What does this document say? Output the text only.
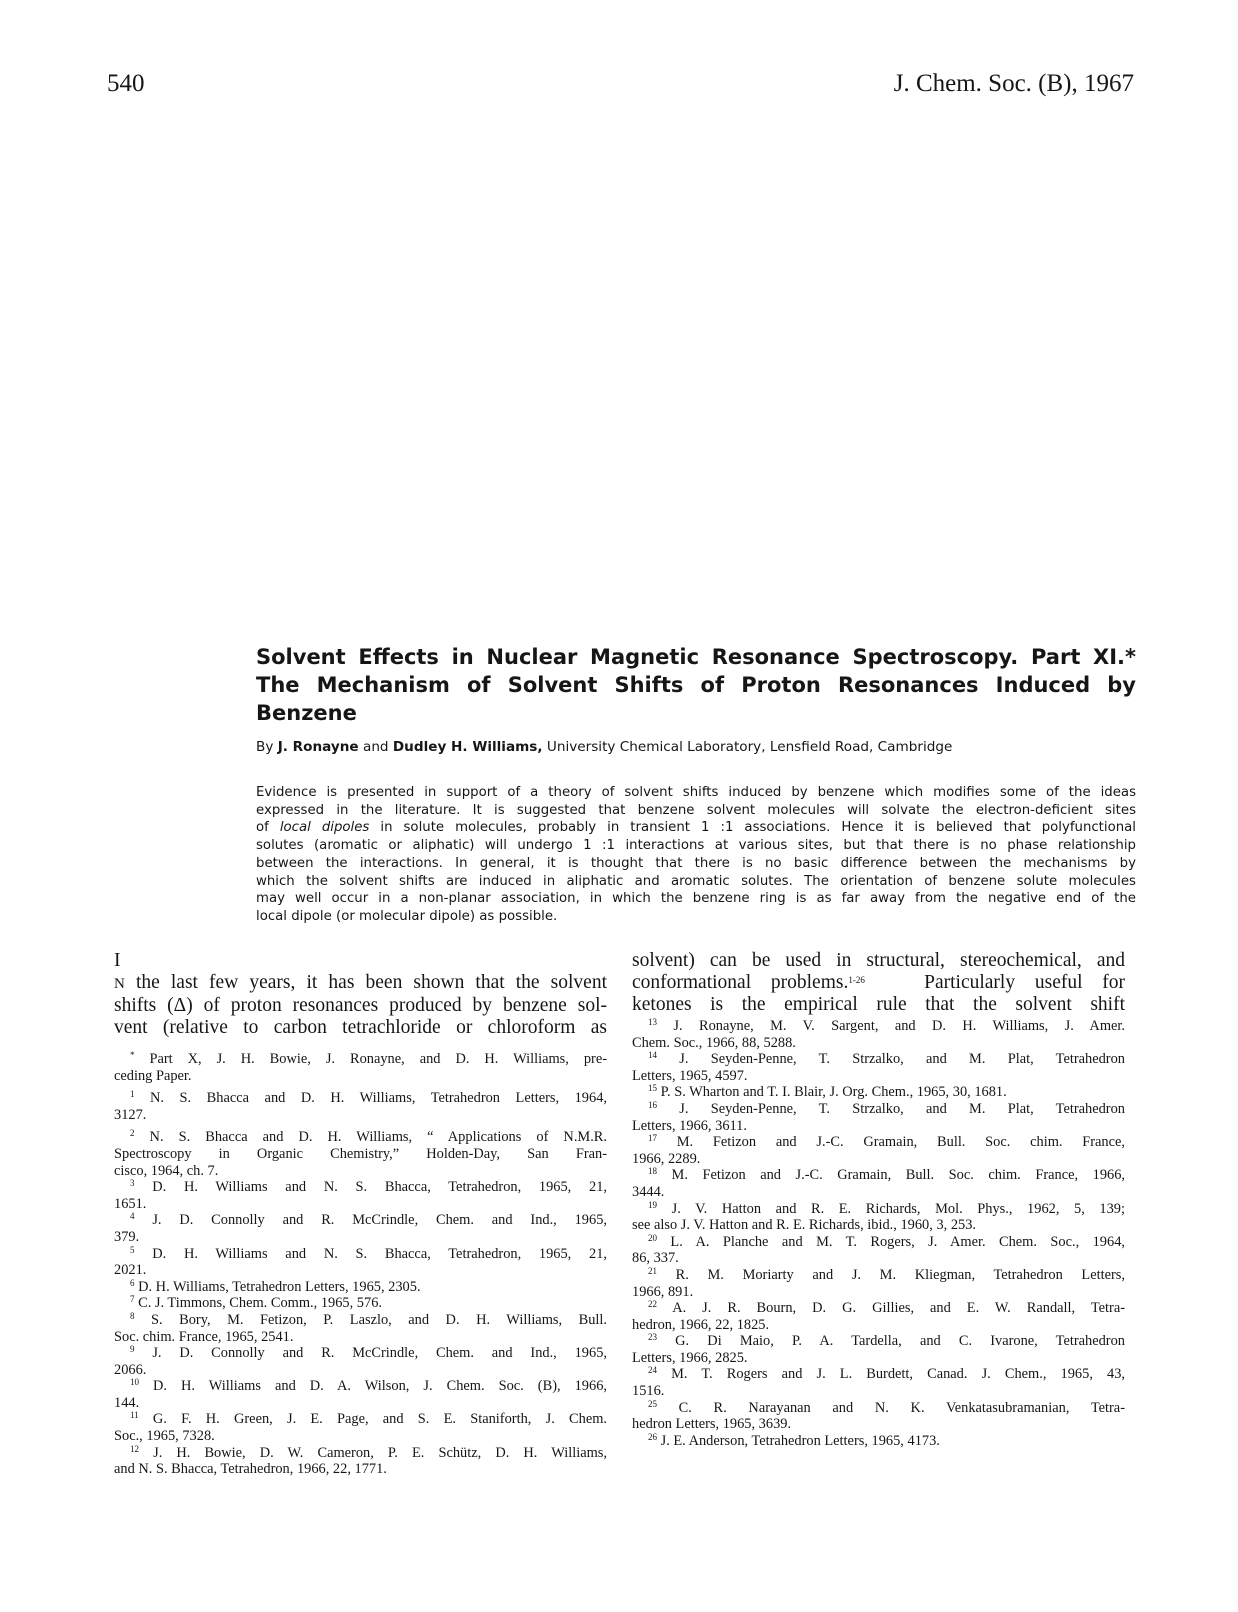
540	J. Chem. Soc. (B), 1967
Solvent Effects in Nuclear Magnetic Resonance Spectroscopy. Part XI.*
The Mechanism of Solvent Shifts of Proton Resonances Induced by
Benzene
By J. Ronayne and Dudley H. Williams, University Chemical Laboratory, Lensfield Road, Cambridge
Evidence is presented in support of a theory of solvent shifts induced by benzene which modifies some of the ideas
expressed in the literature. It is suggested that benzene solvent molecules will solvate the electron-deficient sites
of local dipoles in solute molecules, probably in transient 1 :1 associations. Hence it is believed that polyfunctional
solutes (aromatic or aliphatic) will undergo 1 :1 interactions at various sites, but that there is no phase relationship
between the interactions. In general, it is thought that there is no basic difference between the mechanisms by
which the solvent shifts are induced in aliphatic and aromatic solutes. The orientation of benzene solute molecules
may well occur in a non-planar association, in which the benzene ring is as far away from the negative end of the
local dipole (or molecular dipole) as possible.

I
N the last few years, it has been shown that the solvent
shifts (Δ) of proton resonances produced by benzene sol-
vent (relative to carbon tetrachloride or chloroform as

* Part X, J. H. Bowie, J. Ronayne, and D. H. Williams, pre-
ceding Paper.
$^1$ N. S. Bhacca and D. H. Williams, Tetrahedron Letters, 1964,
3127.
$^2$ N. S. Bhacca and D. H. Williams, “ Applications of N.M.R.
Spectroscopy in Organic Chemistry,” Holden-Day, San Fran-
cisco, 1964, ch. 7.
$^3$ D. H. Williams and N. S. Bhacca, Tetrahedron, 1965, 21,
1651.
$^4$ J. D. Connolly and R. McCrindle, Chem. and Ind., 1965,
379.
$^5$ D. H. Williams and N. S. Bhacca, Tetrahedron, 1965, 21,
2021.
$^6$ D. H. Williams, Tetrahedron Letters, 1965, 2305.
$^7$ C. J. Timmons, Chem. Comm., 1965, 576.
$^8$ S. Bory, M. Fetizon, P. Laszlo, and D. H. Williams, Bull.
Soc. chim. France, 1965, 2541.
$^9$ J. D. Connolly and R. McCrindle, Chem. and Ind., 1965,
2066.
$^{10}$ D. H. Williams and D. A. Wilson, J. Chem. Soc. (B), 1966,
144.
$^{11}$ G. F. H. Green, J. E. Page, and S. E. Staniforth, J. Chem.
Soc., 1965, 7328.
$^{12}$ J. H. Bowie, D. W. Cameron, P. E. Schütz, D. H. Williams,
and N. S. Bhacca, Tetrahedron, 1966, 22, 1771.

solvent) can be used in structural, stereochemical, and
conformational problems.$^{1-26}$	Particularly useful for
ketones is the empirical rule that the solvent shift

$^{13}$ J. Ronayne, M. V. Sargent, and D. H. Williams, J. Amer.
Chem. Soc., 1966, 88, 5288.
$^{14}$ J. Seyden-Penne, T. Strzalko, and M. Plat, Tetrahedron
Letters, 1965, 4597.
$^{15}$ P. S. Wharton and T. I. Blair, J. Org. Chem., 1965, 30, 1681.
$^{16}$ J. Seyden-Penne, T. Strzalko, and M. Plat, Tetrahedron
Letters, 1966, 3611.
$^{17}$ M. Fetizon and J.-C. Gramain, Bull. Soc. chim. France,
1966, 2289.
$^{18}$ M. Fetizon and J.-C. Gramain, Bull. Soc. chim. France, 1966,
3444.
$^{19}$ J. V. Hatton and R. E. Richards, Mol. Phys., 1962, 5, 139;
see also J. V. Hatton and R. E. Richards, ibid., 1960, 3, 253.
$^{20}$ L. A. Planche and M. T. Rogers, J. Amer. Chem. Soc., 1964,
86, 337.
$^{21}$ R. M. Moriarty and J. M. Kliegman, Tetrahedron Letters,
1966, 891.
$^{22}$ A. J. R. Bourn, D. G. Gillies, and E. W. Randall, Tetra-
hedron, 1966, 22, 1825.
$^{23}$ G. Di Maio, P. A. Tardella, and C. Ivarone, Tetrahedron
Letters, 1966, 2825.
$^{24}$ M. T. Rogers and J. L. Burdett, Canad. J. Chem., 1965, 43,
1516.
$^{25}$ C. R. Narayanan and N. K. Venkatasubramanian, Tetra-
hedron Letters, 1965, 3639.
$^{26}$ J. E. Anderson, Tetrahedron Letters, 1965, 4173.
